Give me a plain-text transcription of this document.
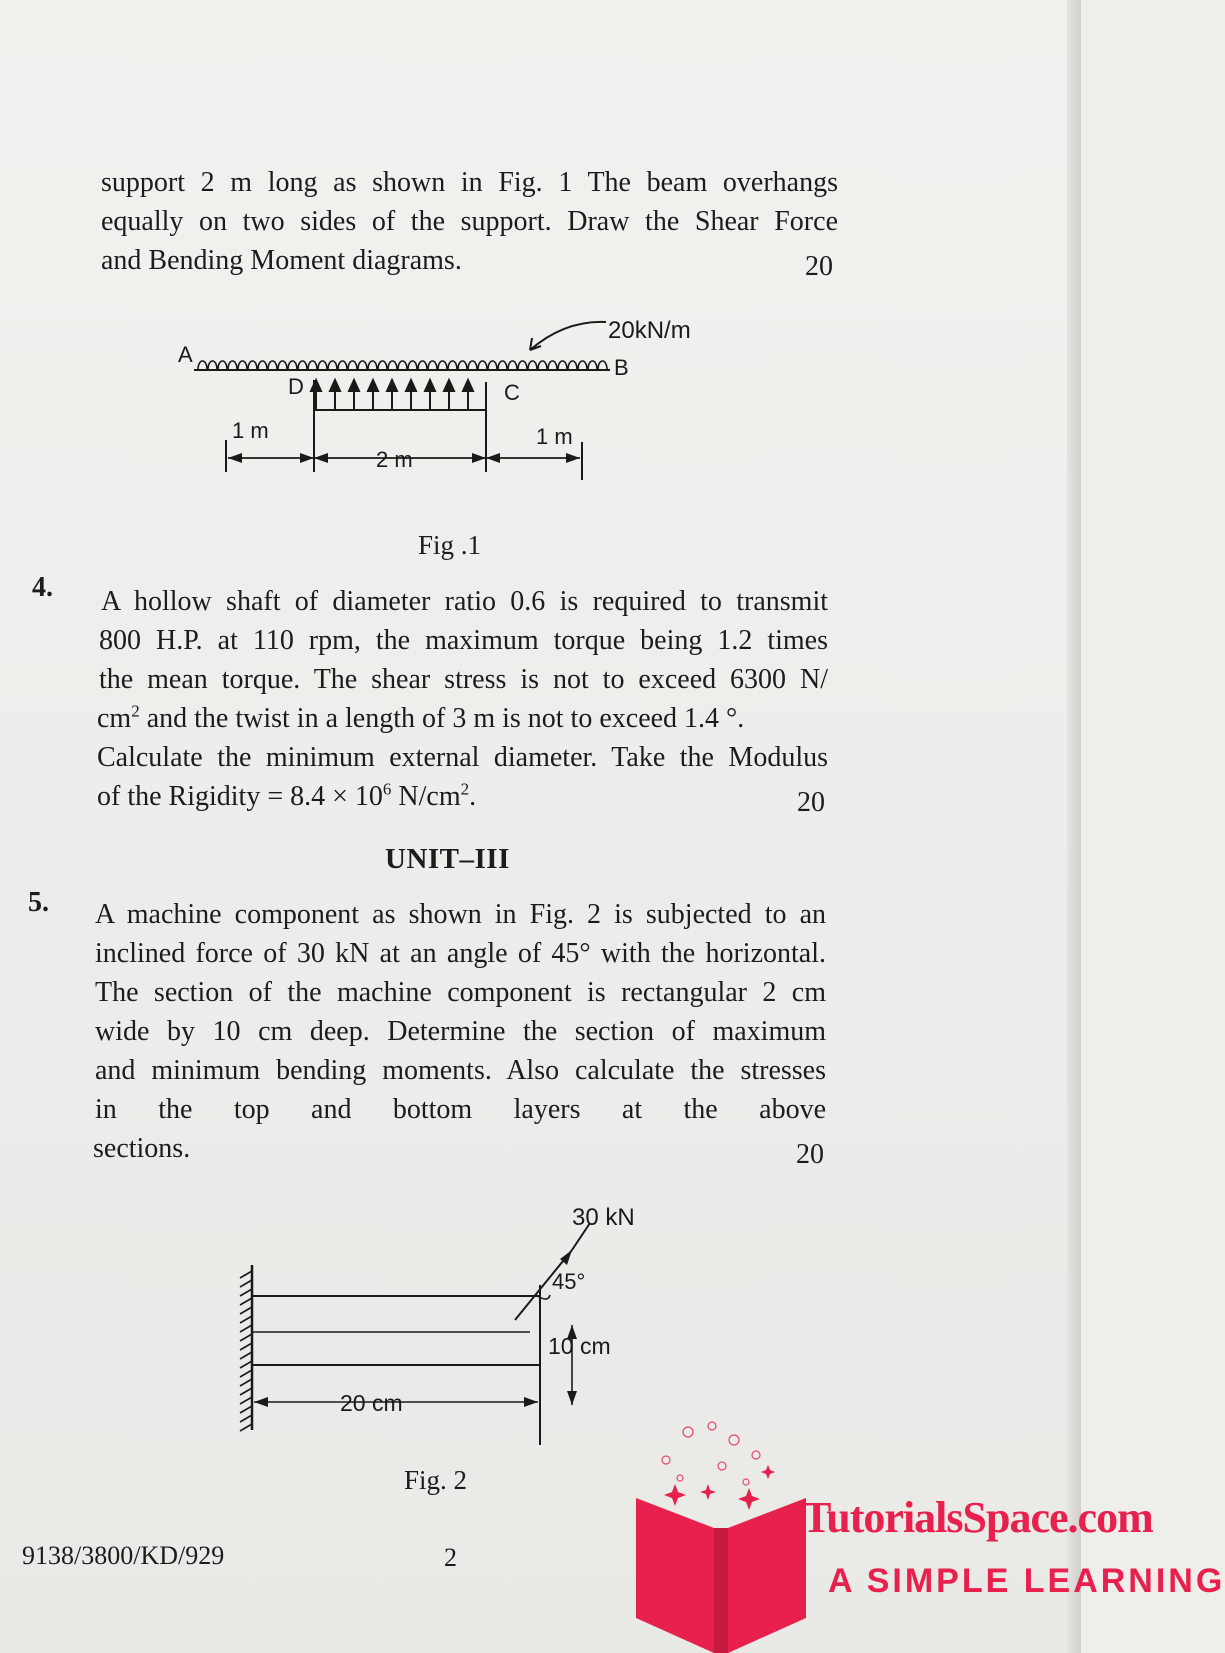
support 2 m long as shown in Fig. 1 The beam overhangs
equally on two sides of the support. Draw the Shear Force
and Bending Moment diagrams.	20
20kN/m
A
B
D	C
1 m
2 m
1 m
Fig .1
4. A hollow shaft of diameter ratio 0.6 is required to transmit
800 H.P. at 110 rpm, the maximum torque being 1.2 times
the mean torque. The shear stress is not to exceed 6300 N/
$cm^2$ and the twist in a length of 3 m is not to exceed 1.4 °.
Calculate the minimum external diameter. Take the Modulus
of the Rigidity = $8.4 \times 10^6$ $N/cm^2$.	20
UNIT–III
5. A machine component as shown in Fig. 2 is subjected to an
inclined force of 30 kN at an angle of 45° with the horizontal.
The section of the machine component is rectangular 2 cm
wide by 10 cm deep. Determine the section of maximum
and minimum bending moments. Also calculate the stresses
in the top and bottom layers at the above
sections.	20
30 kN
45°
10 cm
20 cm
Fig. 2
9138/3800/KD/929	2
TutorialsSpace.com
A SIMPLE LEARNING
